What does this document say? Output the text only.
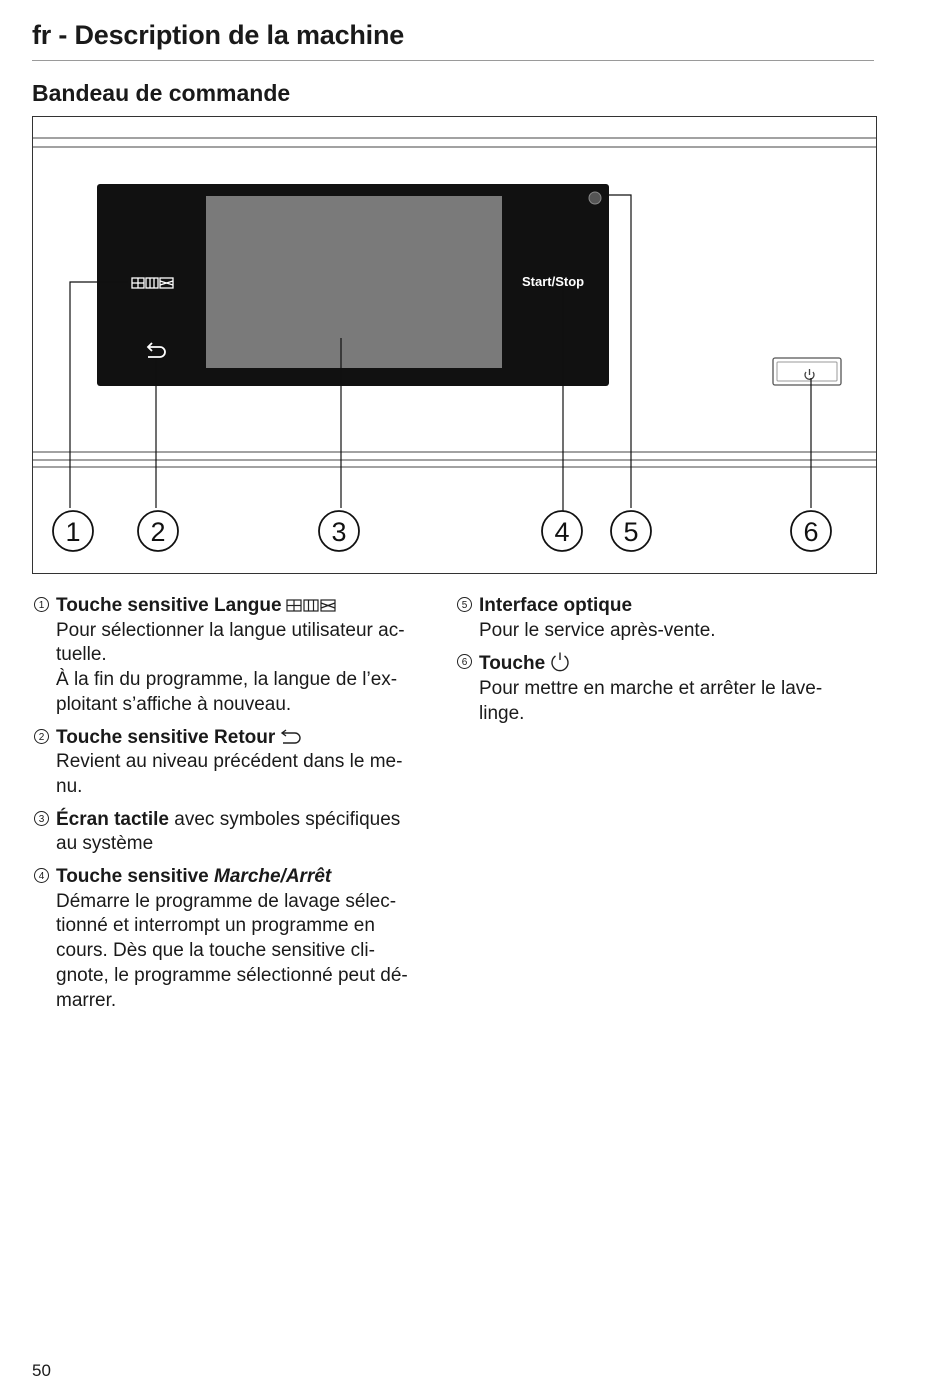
fr - Description de la machine
Bandeau de commande
Start/Stop
1	2	3	4 5	6
1 Touche sensitive Langue
Pour sélectionner la langue utilisateur ac-
tuelle.
À la fin du programme, la langue de l’ex-
ploitant s’affiche à nouveau.
2 Touche sensitive Retour
Revient au niveau précédent dans le me-
nu.
3 Écran tactile avec symboles spécifiques
au système
4 Touche sensitive Marche/Arrêt
Démarre le programme de lavage sélec-
tionné et interrompt un programme en
cours. Dès que la touche sensitive cli-
gnote, le programme sélectionné peut dé-
marrer.
5 Interface optique
Pour le service après-vente.
6 Touche
Pour mettre en marche et arrêter le lave-
linge.
50
